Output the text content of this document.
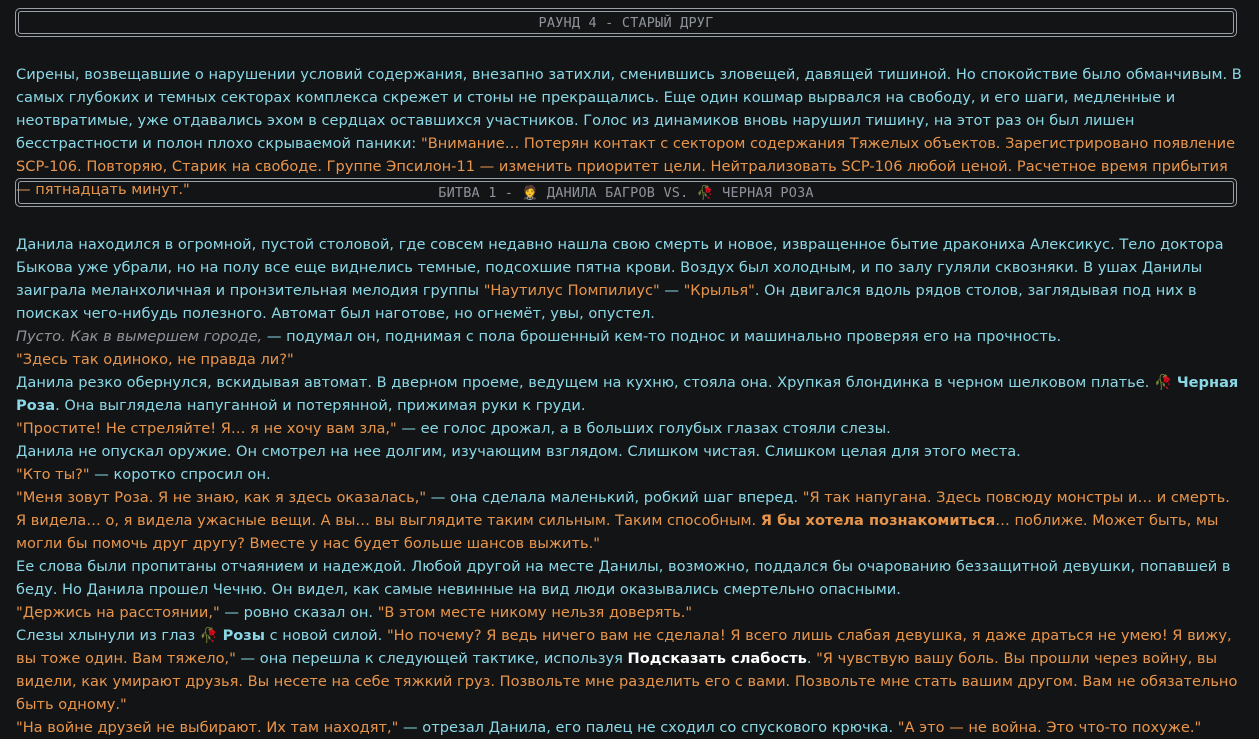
РАУНД 4 - СТАРЫЙ ДРУГ

Сирены, возвещавшие о нарушении условий содержания, внезапно затихли, сменившись зловещей, давящей тишиной. Но спокойствие было обманчивым. В самых глубоких и темных секторах комплекса скрежет и стоны не прекращались. Еще один кошмар вырвался на свободу, и его шаги, медленные и неотвратимые, уже отдавались эхом в сердцах оставшихся участников. Голос из динамиков вновь нарушил тишину, на этот раз он был лишен бесстрастности и полон плохо скрываемой паники: "Внимание… Потерян контакт с сектором содержания Тяжелых объектов. Зарегистрировано появление SCP-106. Повторяю, Старик на свободе. Группе Эпсилон-11 — изменить приоритет цели. Нейтрализовать SCP-106 любой ценой. Расчетное время прибытия — пятнадцать минут."	БИТВА 1 - 🤵
ДАНИЛА БАГРОВ VS. 🥀
ЧЕРНАЯ РОЗА

Данила находился в огромной, пустой столовой, где совсем недавно нашла свою смерть и новое, извращенное бытие дракониха Алексикус. Тело доктора Быкова уже убрали, но на полу все еще виднелись темные, подсохшие пятна крови. Воздух был холодным, и по залу гуляли сквозняки. В ушах Данилы заиграла меланхоличная и пронзительная мелодия группы "Наутилус Помпилиус" — "Крылья". Он двигался вдоль рядов столов, заглядывая под них в поисках чего-нибудь полезного. Автомат был наготове, но огнемёт, увы, опустел.

Пусто. Как в вымершем городе, — подумал он, поднимая с пола брошенный кем-то поднос и машинально проверяя его на прочность.

"Здесь так одиноко, не правда ли?"

Данила резко обернулся, вскидывая автомат. В дверном проеме, ведущем на кухню, стояла она. Хрупкая блондинка в черном шелковом платье. 🥀 Черная Роза. Она выглядела напуганной и потерянной, прижимая руки к груди.

"Простите! Не стреляйте! Я… я не хочу вам зла," — ее голос дрожал, а в больших голубых глазах стояли слезы.

Данила не опускал оружие. Он смотрел на нее долгим, изучающим взглядом. Слишком чистая. Слишком целая для этого места.

"Кто ты?" — коротко спросил он.

"Меня зовут Роза. Я не знаю, как я здесь оказалась," — она сделала маленький, робкий шаг вперед. "Я так напугана. Здесь повсюду монстры и… и смерть. Я видела… о, я видела ужасные вещи. А вы… вы выглядите таким сильным. Таким способным. Я бы хотела познакомиться… поближе. Может быть, мы могли бы помочь друг другу? Вместе у нас будет больше шансов выжить."

Ее слова были пропитаны отчаянием и надеждой. Любой другой на месте Данилы, возможно, поддался бы очарованию беззащитной девушки, попавшей в беду. Но Данила прошел Чечню. Он видел, как самые невинные на вид люди оказывались смертельно опасными.

"Держись на расстоянии," — ровно сказал он. "В этом месте никому нельзя доверять."

Слезы хлынули из глаз 🥀 Розы с новой силой. "Но почему? Я ведь ничего вам не сделала! Я всего лишь слабая девушка, я даже драться не умею! Я вижу, вы тоже один. Вам тяжело," — она перешла к следующей тактике, используя Подсказать слабость. "Я чувствую вашу боль. Вы прошли через войну, вы видели, как умирают друзья. Вы несете на себе тяжкий груз. Позвольте мне разделить его с вами. Позвольте мне стать вашим другом. Вам не обязательно быть одному."

"На войне друзей не выбирают. Их там находят," — отрезал Данила, его палец не сходил со спускового крючка. "А это — не война. Это что-то похуже."
